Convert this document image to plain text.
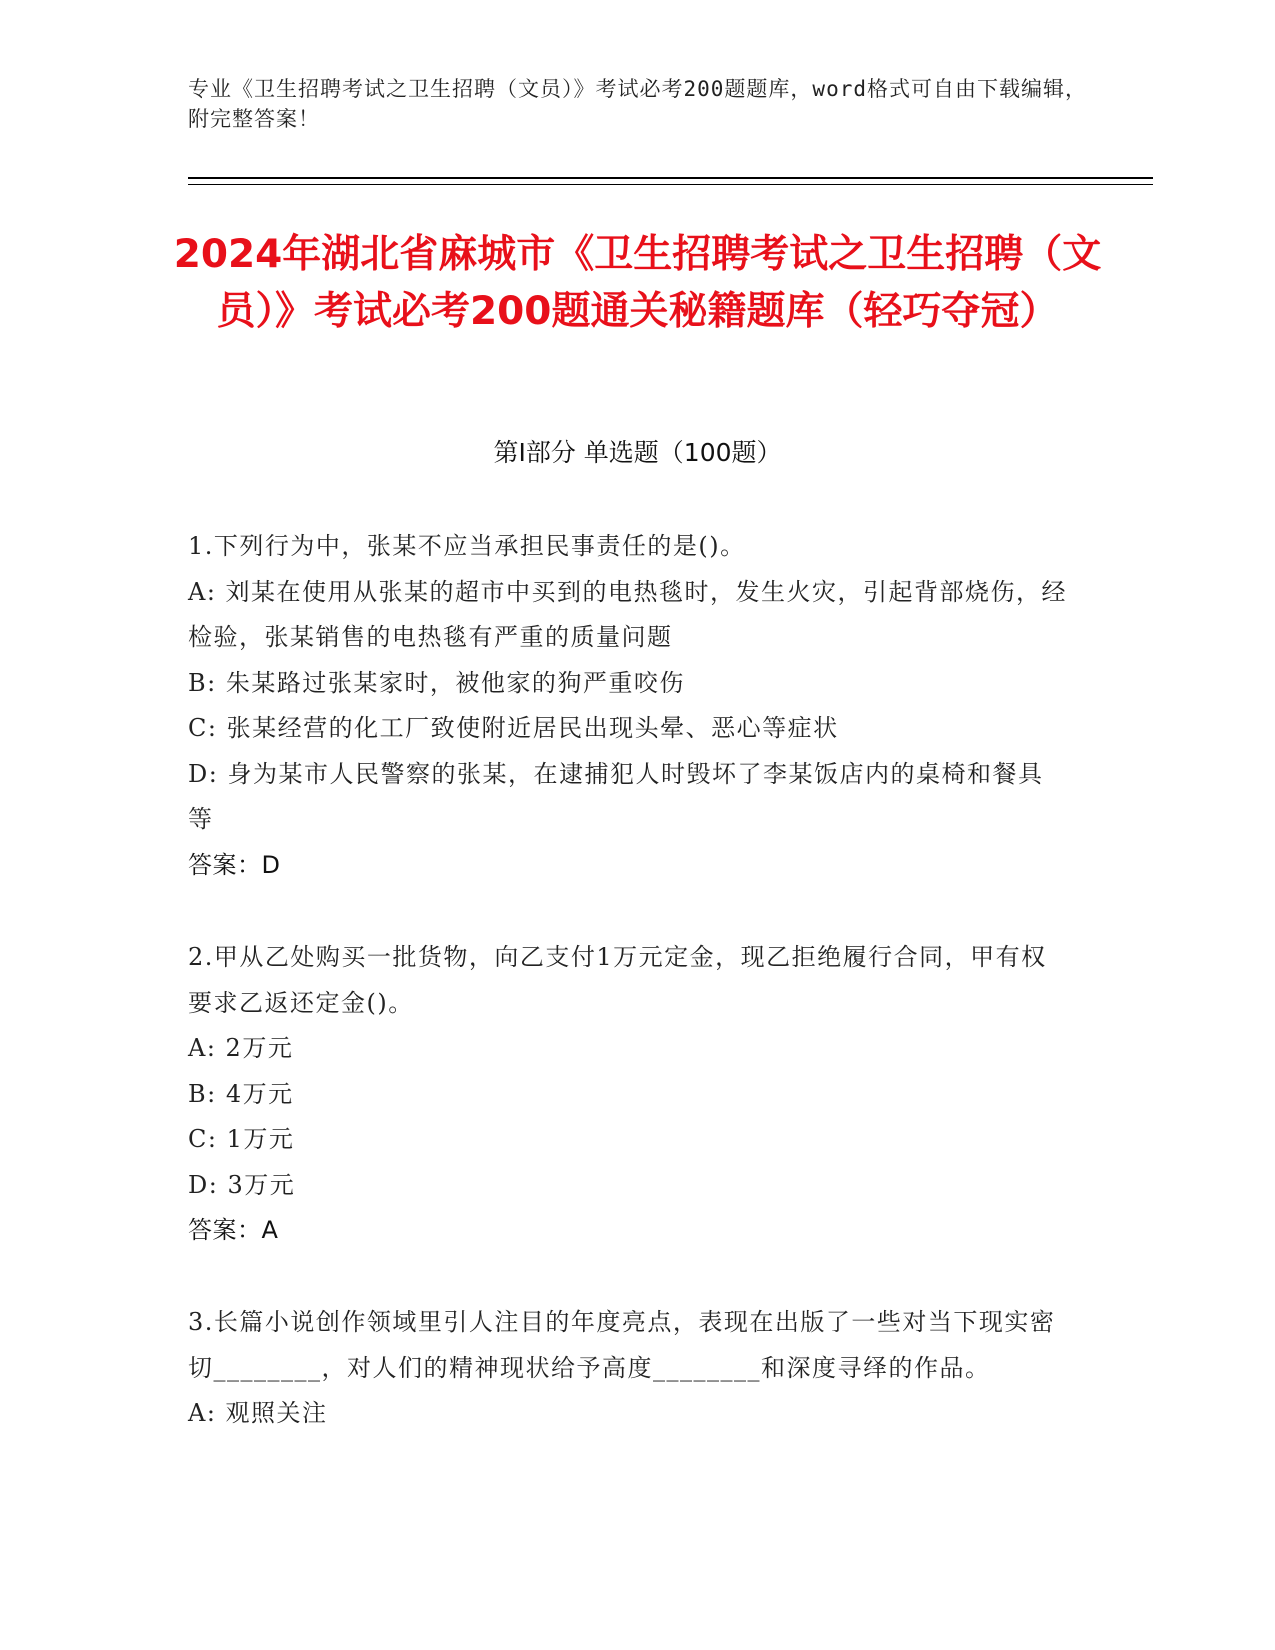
专业《卫生招聘考试之卫生招聘（文员）》考试必考200题题库，word格式可自由下载编辑，附完整答案！
2024年湖北省麻城市《卫生招聘考试之卫生招聘（文员）》考试必考200题通关秘籍题库（轻巧夺冠）
第Ⅰ部分 单选题（100题）

1.下列行为中，张某不应当承担民事责任的是()。

A: 刘某在使用从张某的超市中买到的电热毯时，发生火灾，引起背部烧伤，经检验，张某销售的电热毯有严重的质量问题

B: 朱某路过张某家时，被他家的狗严重咬伤

C: 张某经营的化工厂致使附近居民出现头晕、恶心等症状

D: 身为某市人民警察的张某，在逮捕犯人时毁坏了李某饭店内的桌椅和餐具等

答案：D

2.甲从乙处购买一批货物，向乙支付1万元定金，现乙拒绝履行合同，甲有权要求乙返还定金()。

A: 2万元

B: 4万元

C: 1万元

D: 3万元

答案：A

3.长篇小说创作领域里引人注目的年度亮点，表现在出版了一些对当下现实密切________，对人们的精神现状给予高度________和深度寻绎的作品。

A: 观照关注
